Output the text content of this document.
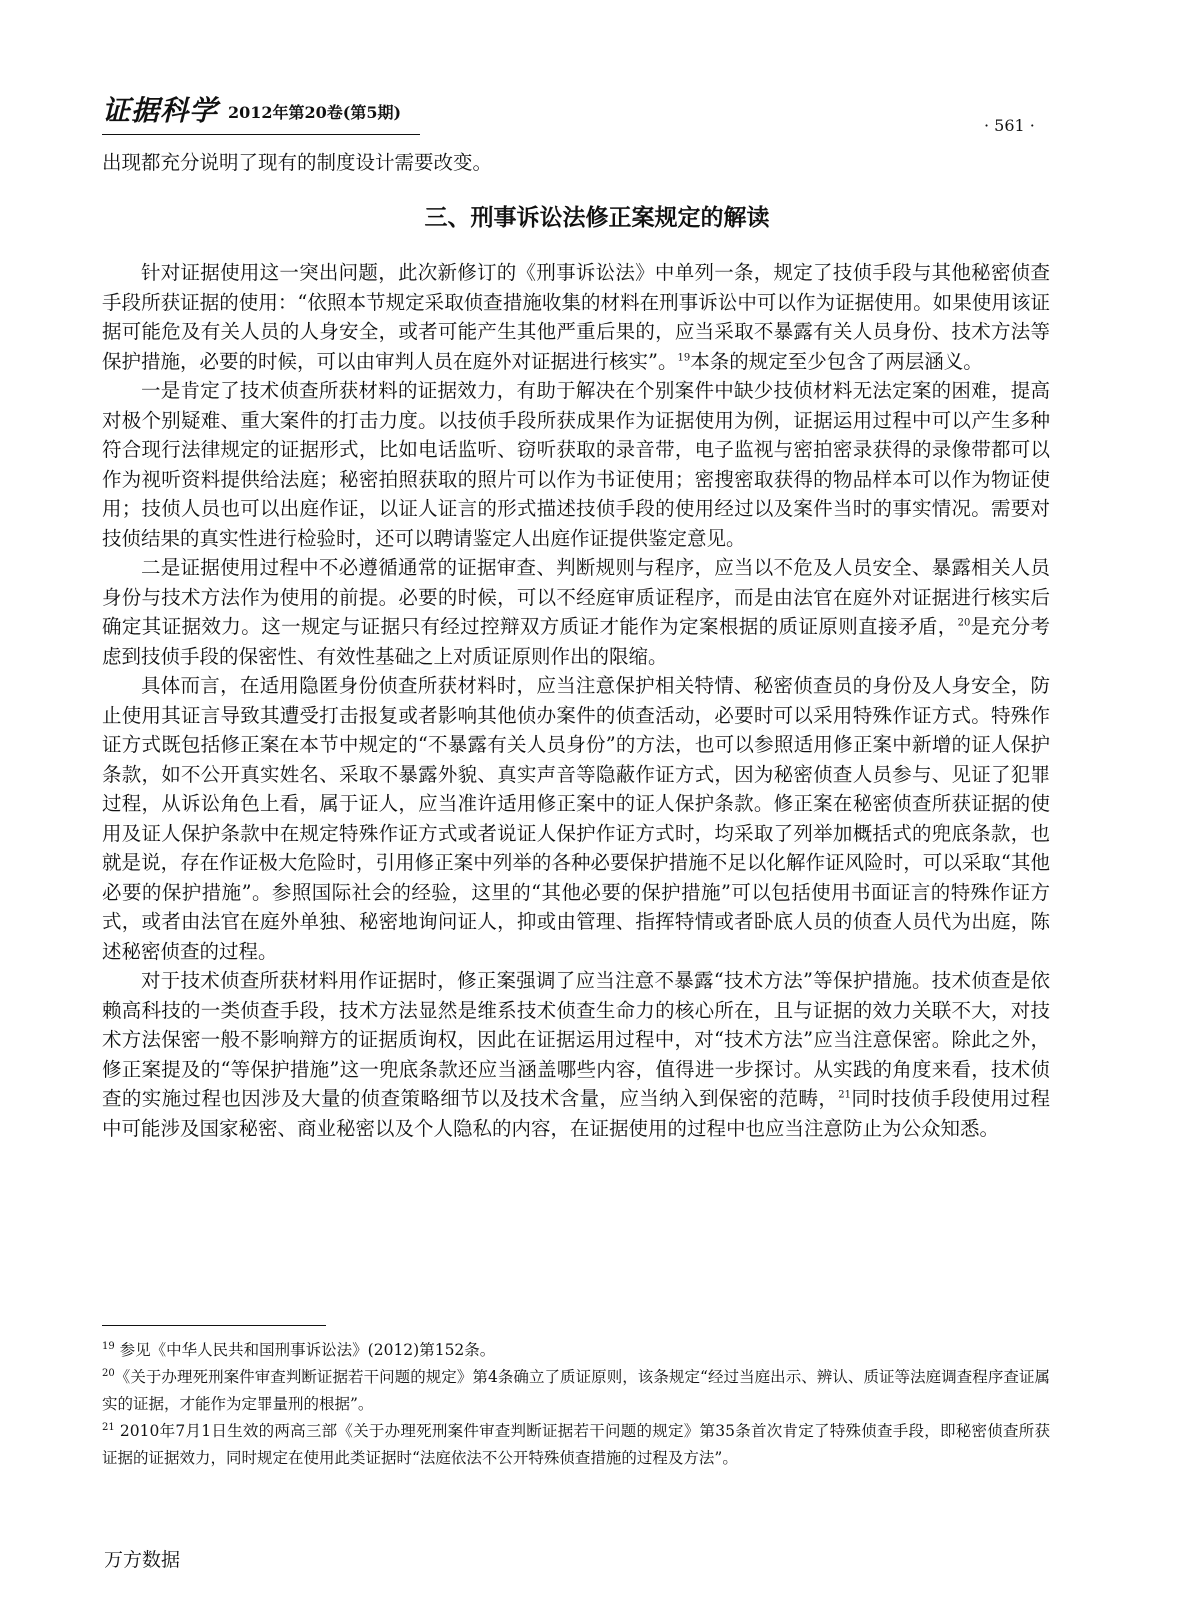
证据科学 2012年第20卷(第5期)
· 561 ·
出现都充分说明了现有的制度设计需要改变。
三、刑事诉讼法修正案规定的解读

针对证据使用这一突出问题，此次新修订的《刑事诉讼法》中单列一条，规定了技侦手段与其他秘密侦查手段所获证据的使用：“依照本节规定采取侦查措施收集的材料在刑事诉讼中可以作为证据使用。如果使用该证据可能危及有关人员的人身安全，或者可能产生其他严重后果的，应当采取不暴露有关人员身份、技术方法等保护措施，必要的时候，可以由审判人员在庭外对证据进行核实”。$^{19}$本条的规定至少包含了两层涵义。

一是肯定了技术侦查所获材料的证据效力，有助于解决在个别案件中缺少技侦材料无法定案的困难，提高对极个别疑难、重大案件的打击力度。以技侦手段所获成果作为证据使用为例，证据运用过程中可以产生多种符合现行法律规定的证据形式，比如电话监听、窃听获取的录音带，电子监视与密拍密录获得的录像带都可以作为视听资料提供给法庭；秘密拍照获取的照片可以作为书证使用；密搜密取获得的物品样本可以作为物证使用；技侦人员也可以出庭作证，以证人证言的形式描述技侦手段的使用经过以及案件当时的事实情况。需要对技侦结果的真实性进行检验时，还可以聘请鉴定人出庭作证提供鉴定意见。

二是证据使用过程中不必遵循通常的证据审查、判断规则与程序，应当以不危及人员安全、暴露相关人员身份与技术方法作为使用的前提。必要的时候，可以不经庭审质证程序，而是由法官在庭外对证据进行核实后确定其证据效力。这一规定与证据只有经过控辩双方质证才能作为定案根据的质证原则直接矛盾，$^{20}$是充分考虑到技侦手段的保密性、有效性基础之上对质证原则作出的限缩。

具体而言，在适用隐匿身份侦查所获材料时，应当注意保护相关特情、秘密侦查员的身份及人身安全，防止使用其证言导致其遭受打击报复或者影响其他侦办案件的侦查活动，必要时可以采用特殊作证方式。特殊作证方式既包括修正案在本节中规定的“不暴露有关人员身份”的方法，也可以参照适用修正案中新增的证人保护条款，如不公开真实姓名、采取不暴露外貌、真实声音等隐蔽作证方式，因为秘密侦查人员参与、见证了犯罪过程，从诉讼角色上看，属于证人，应当准许适用修正案中的证人保护条款。修正案在秘密侦查所获证据的使用及证人保护条款中在规定特殊作证方式或者说证人保护作证方式时，均采取了列举加概括式的兜底条款，也就是说，存在作证极大危险时，引用修正案中列举的各种必要保护措施不足以化解作证风险时，可以采取“其他必要的保护措施”。参照国际社会的经验，这里的“其他必要的保护措施”可以包括使用书面证言的特殊作证方式，或者由法官在庭外单独、秘密地询问证人，抑或由管理、指挥特情或者卧底人员的侦查人员代为出庭，陈述秘密侦查的过程。

对于技术侦查所获材料用作证据时，修正案强调了应当注意不暴露“技术方法”等保护措施。技术侦查是依赖高科技的一类侦查手段，技术方法显然是维系技术侦查生命力的核心所在，且与证据的效力关联不大，对技术方法保密一般不影响辩方的证据质询权，因此在证据运用过程中，对“技术方法”应当注意保密。除此之外，修正案提及的“等保护措施”这一兜底条款还应当涵盖哪些内容，值得进一步探讨。从实践的角度来看，技术侦查的实施过程也因涉及大量的侦查策略细节以及技术含量，应当纳入到保密的范畴，$^{21}$同时技侦手段使用过程中可能涉及国家秘密、商业秘密以及个人隐私的内容，在证据使用的过程中也应当注意防止为公众知悉。

$^{19}$ 参见《中华人民共和国刑事诉讼法》(2012)第152条。

$^{20}$《关于办理死刑案件审查判断证据若干问题的规定》第4条确立了质证原则，该条规定“经过当庭出示、辨认、质证等法庭调查程序查证属实的证据，才能作为定罪量刑的根据”。

$^{21}$ 2010年7月1日生效的两高三部《关于办理死刑案件审查判断证据若干问题的规定》第35条首次肯定了特殊侦查手段，即秘密侦查所获证据的证据效力，同时规定在使用此类证据时“法庭依法不公开特殊侦查措施的过程及方法”。

万方数据
